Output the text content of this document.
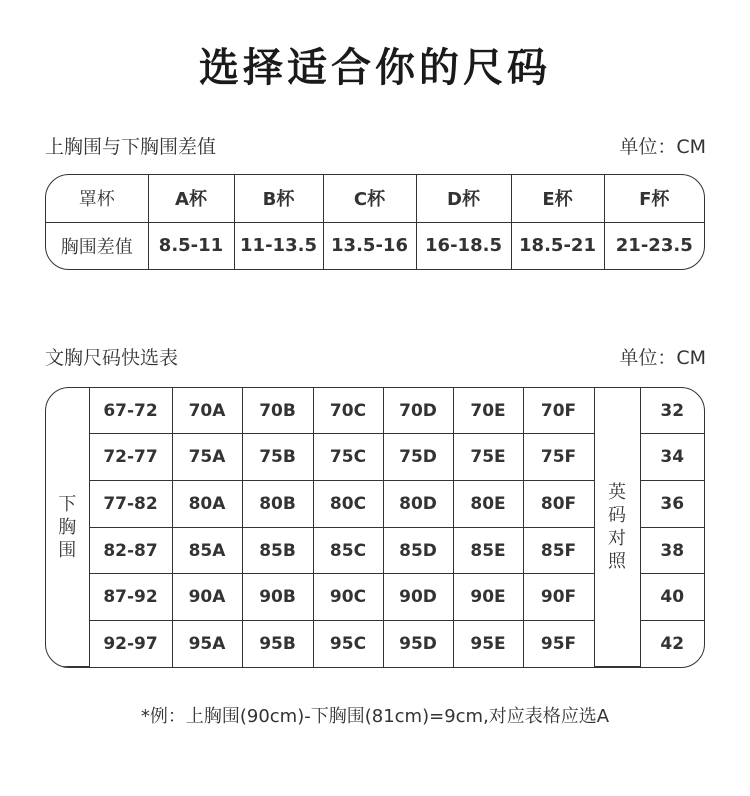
选择适合你的尺码
上胸围与下胸围差值	单位：CM
罩杯	A杯	B杯	C杯	D杯	E杯	F杯
胸围差值	8.5-11	11-13.5	13.5-16	16-18.5	18.5-21	21-23.5
文胸尺码快选表	单位：CM
下胸围	67-72	70A	70B	70C	70D	70E	70F	英码对照	32
	72-77	75A	75B	75C	75D	75E	75F		34
	77-82	80A	80B	80C	80D	80E	80F		36
	82-87	85A	85B	85C	85D	85E	85F		38
	87-92	90A	90B	90C	90D	90E	90F		40
	92-97	95A	95B	95C	95D	95E	95F		42
*例：上胸围(90cm)-下胸围(81cm)=9cm,对应表格应选A
